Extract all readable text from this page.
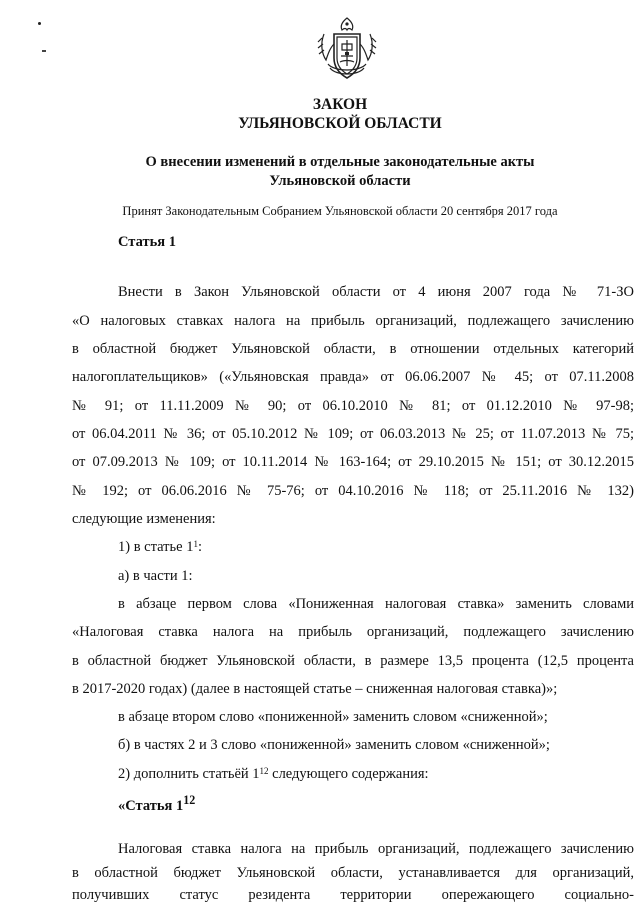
ЗАКОН
УЛЬЯНОВСКОЙ ОБЛАСТИ
О внесении изменений в отдельные законодательные акты
Ульяновской области
Принят Законодательным Собранием Ульяновской области 20 сентября 2017 года
Статья 1
Внести в Закон Ульяновской области от 4 июня 2007 года № 71-ЗО
«О налоговых ставках налога на прибыль организаций, подлежащего зачислению
в областной бюджет Ульяновской области, в отношении отдельных категорий
налогоплательщиков» («Ульяновская правда» от 06.06.2007 № 45; от 07.11.2008
№ 91; от 11.11.2009 № 90; от 06.10.2010 № 81; от 01.12.2010 № 97-98;
от 06.04.2011 № 36; от 05.10.2012 № 109; от 06.03.2013 № 25; от 11.07.2013 № 75;
от 07.09.2013 № 109; от 10.11.2014 № 163-164; от 29.10.2015 № 151; от 30.12.2015
№ 192; от 06.06.2016 № 75-76; от 04.10.2016 № 118; от 25.11.2016 № 132)
следующие изменения:
1) в статье $1^1$:
а) в части 1:
в абзаце первом слова «Пониженная налоговая ставка» заменить словами
«Налоговая ставка налога на прибыль организаций, подлежащего зачислению
в областной бюджет Ульяновской области, в размере 13,5 процента (12,5 процента
в 2017-2020 годах) (далее в настоящей статье – сниженная налоговая ставка)»;
в абзаце втором слово «пониженной» заменить словом «сниженной»;
б) в частях 2 и 3 слово «пониженной» заменить словом «сниженной»;
2) дополнить статьёй $1^{12}$ следующего содержания:
«Статья $1^{12}$
Налоговая ставка налога на прибыль организаций, подлежащего зачислению
в областной бюджет Ульяновской области, устанавливается для организаций,
получивших статус резидента территории опережающего социально-
